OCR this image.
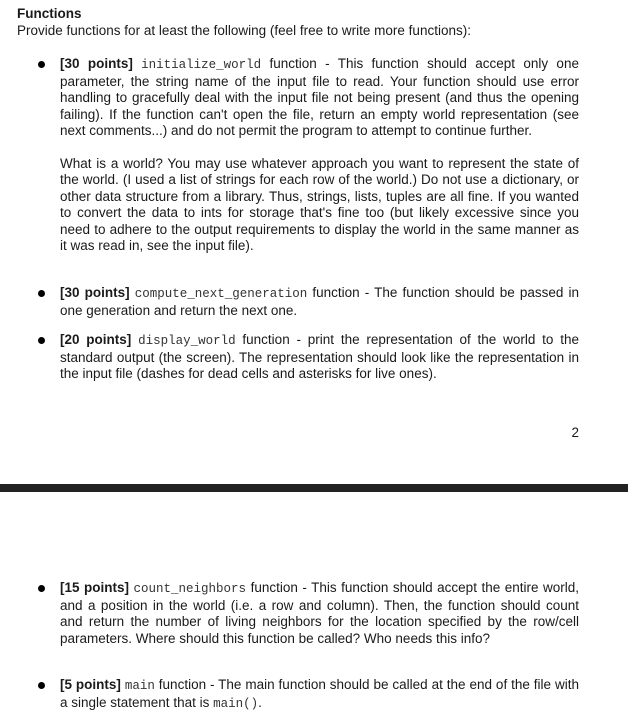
Functions
Provide functions for at least the following (feel free to write more functions):

[30 points] initialize_world function - This function should accept only one parameter, the string name of the input file to read. Your function should use error handling to gracefully deal with the input file not being present (and thus the opening failing). If the function can't open the file, return an empty world representation (see next comments...) and do not permit the program to attempt to continue further.

What is a world? You may use whatever approach you want to represent the state of the world. (I used a list of strings for each row of the world.) Do not use a dictionary, or other data structure from a library. Thus, strings, lists, tuples are all fine. If you wanted to convert the data to ints for storage that's fine too (but likely excessive since you need to adhere to the output requirements to display the world in the same manner as it was read in, see the input file).

[30 points] compute_next_generation function - The function should be passed in one generation and return the next one.

[20 points] display_world function - print the representation of the world to the standard output (the screen). The representation should look like the representation in the input file (dashes for dead cells and asterisks for live ones).

2

[15 points] count_neighbors function - This function should accept the entire world, and a position in the world (i.e. a row and column). Then, the function should count and return the number of living neighbors for the location specified by the row/cell parameters. Where should this function be called? Who needs this info?

[5 points] main function - The main function should be called at the end of the file with a single statement that is main().
